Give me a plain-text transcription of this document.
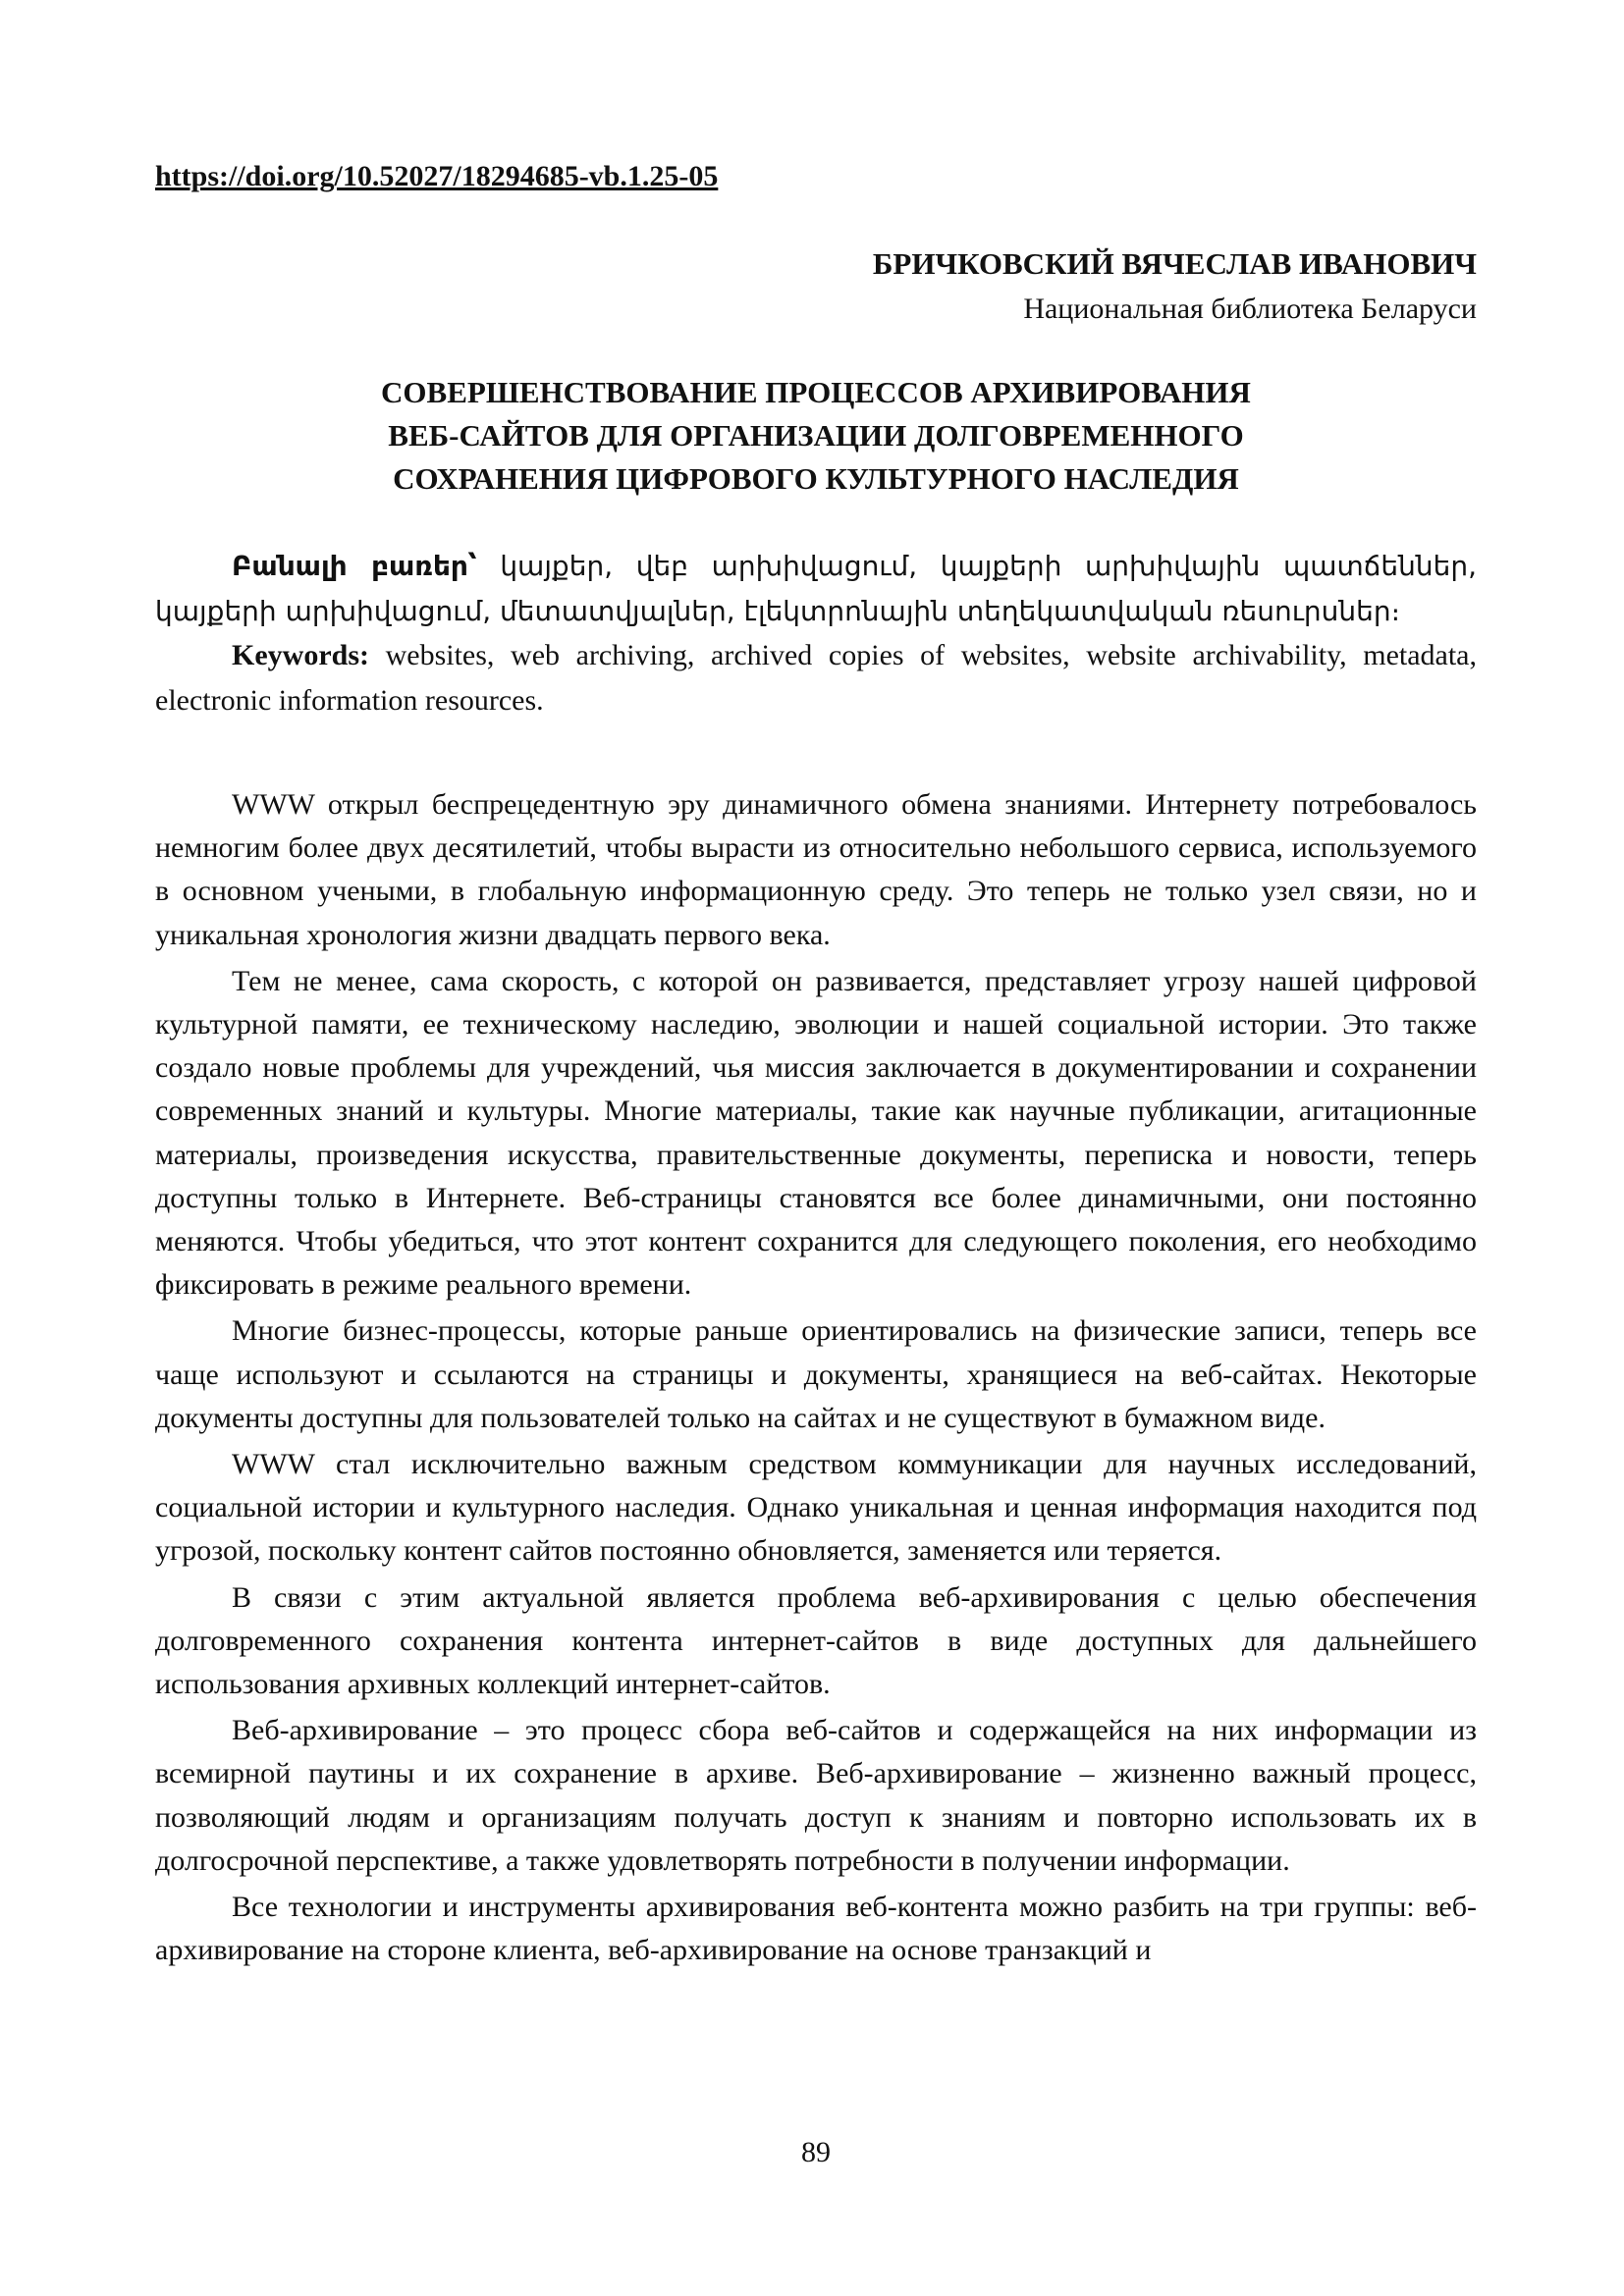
https://doi.org/10.52027/18294685-vb.1.25-05
БРИЧКОВСКИЙ ВЯЧЕСЛАВ ИВАНОВИЧ
Национальная библиотека Беларуси
СОВЕРШЕНСТВОВАНИЕ ПРОЦЕССОВ АРХИВИРОВАНИЯ
ВЕБ-САЙТОВ ДЛЯ ОРГАНИЗАЦИИ ДОЛГОВРЕМЕННОГО
СОХРАНЕНИЯ ЦИФРОВОГО КУЛЬТУРНОГО НАСЛЕДИЯ

Բանալի բառեր՝ կայքեր, վեբ արխիվացում, կայքերի արխիվային պատճեններ, կայքերի արխիվացում, մետատվյալներ, էլեկտրոնային տեղեկատվական ռեսուրսներ։

Keywords: websites, web archiving, archived copies of websites, website archivability, metadata, electronic information resources.

WWW открыл беспрецедентную эру динамичного обмена знаниями. Интернету потребовалось немногим более двух десятилетий, чтобы вырасти из относительно небольшого сервиса, используемого в основном учеными, в глобальную информационную среду. Это теперь не только узел связи, но и уникальная хронология жизни двадцать первого века.

Тем не менее, сама скорость, с которой он развивается, представляет угрозу нашей цифровой культурной памяти, ее техническому наследию, эволюции и нашей социальной истории. Это также создало новые проблемы для учреждений, чья миссия заключается в документировании и сохранении современных знаний и культуры. Многие материалы, такие как научные публикации, агитационные материалы, произведения искусства, правительственные документы, переписка и новости, теперь доступны только в Интернете. Веб-страницы становятся все более динамичными, они постоянно меняются. Чтобы убедиться, что этот контент сохранится для следующего поколения, его необходимо фиксировать в режиме реального времени.

Многие бизнес-процессы, которые раньше ориентировались на физические записи, теперь все чаще используют и ссылаются на страницы и документы, хранящиеся на веб-сайтах. Некоторые документы доступны для пользователей только на сайтах и не существуют в бумажном виде.

WWW стал исключительно важным средством коммуникации для научных исследований, социальной истории и культурного наследия. Однако уникальная и ценная информация находится под угрозой, поскольку контент сайтов постоянно обновляется, заменяется или теряется.

В связи с этим актуальной является проблема веб-архивирования с целью обеспечения долговременного сохранения контента интернет-сайтов в виде доступных для дальнейшего использования архивных коллекций интернет-сайтов.

Веб-архивирование – это процесс сбора веб-сайтов и содержащейся на них информации из всемирной паутины и их сохранение в архиве. Веб-архивирование – жизненно важный процесс, позволяющий людям и организациям получать доступ к знаниям и повторно использовать их в долгосрочной перспективе, а также удовлетворять потребности в получении информации.

Все технологии и инструменты архивирования веб-контента можно разбить на три группы: веб-архивирование на стороне клиента, веб-архивирование на основе транзакций и

89
